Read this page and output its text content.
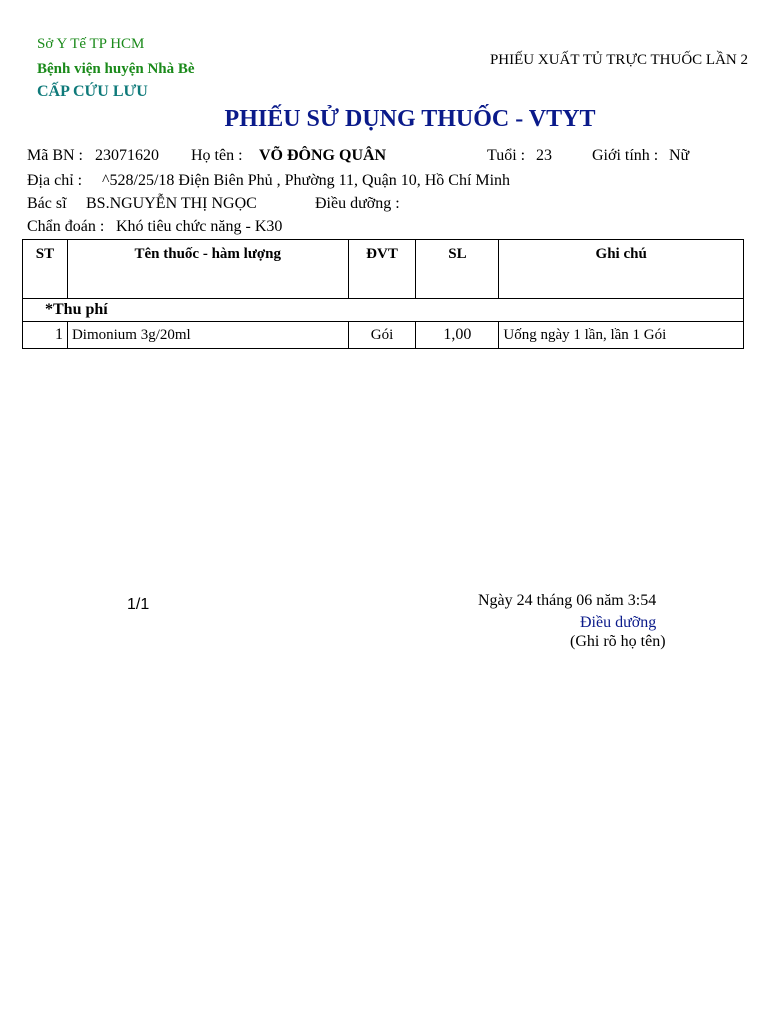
Sở Y Tế TP HCM
Bệnh viện huyện Nhà Bè
CẤP CỨU LƯU
PHIẾU XUẤT TỦ TRỰC THUỐC LẦN 2
PHIẾU SỬ DỤNG THUỐC - VTYT
Mã BN : 23071620 Họ tên : VÕ ĐÔNG QUÂN	Tuổi : 23	Giới tính : Nữ
Địa chỉ : ^528/25/18 Điện Biên Phủ , Phường 11, Quận 10, Hồ Chí Minh
Bác sĩ BS.NGUYỄN THỊ NGỌC	Điều dưỡng :
Chẩn đoán : Khó tiêu chức năng - K30
ST	Tên thuốc - hàm lượng	ĐVT	SL	Ghi chú
*Thu phí				
1	Dimonium 3g/20ml	Gói	1,00	Uống ngày 1 lần, lần 1 Gói
1/1	Ngày 24 tháng 06 năm 3:54
Điều dưỡng
(Ghi rõ họ tên)
